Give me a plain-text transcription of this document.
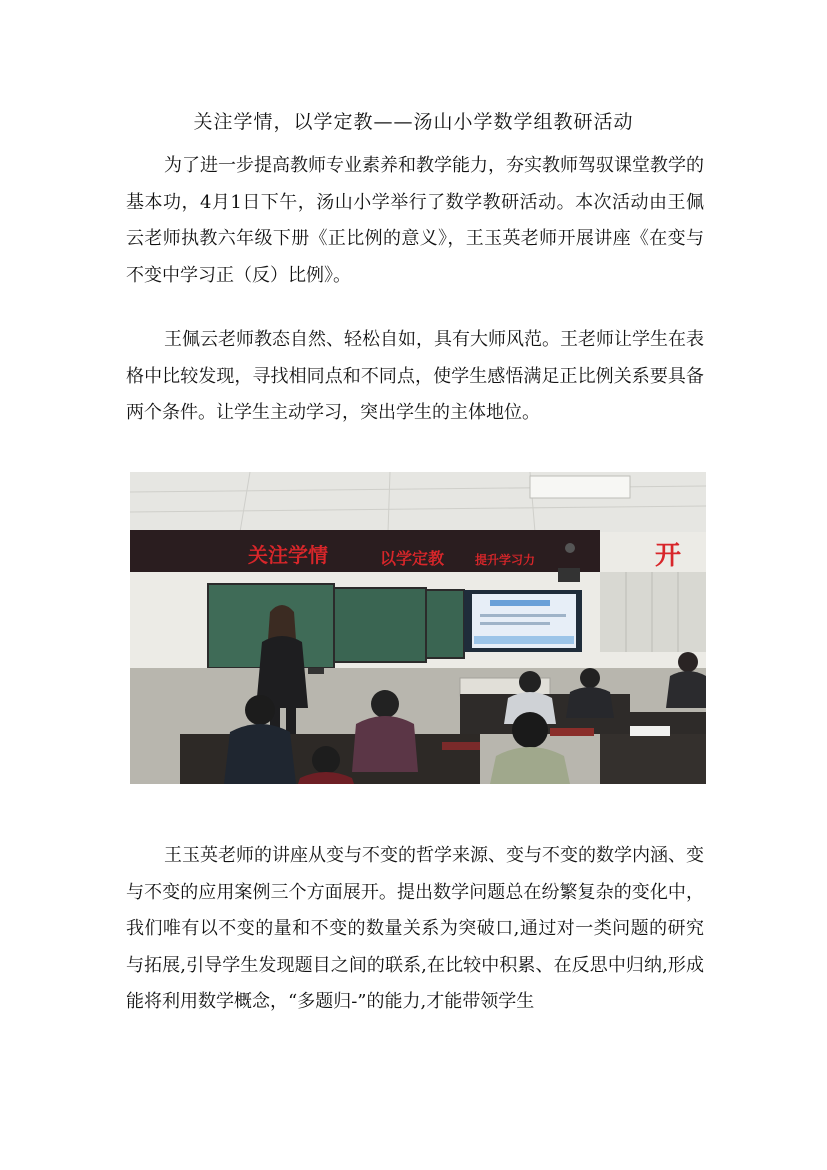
关注学情，以学定教——汤山小学数学组教研活动

为了进一步提高教师专业素养和教学能力，夯实教师驾驭课堂教学的基本功，4月1日下午，汤山小学举行了数学教研活动。本次活动由王佩云老师执教六年级下册《正比例的意义》，王玉英老师开展讲座《在变与不变中学习正（反）比例》。

王佩云老师教态自然、轻松自如，具有大师风范。王老师让学生在表格中比较发现，寻找相同点和不同点，使学生感悟满足正比例关系要具备两个条件。让学生主动学习，突出学生的主体地位。

关注学情	以学定教	提升学习力	开

王玉英老师的讲座从变与不变的哲学来源、变与不变的数学内涵、变与不变的应用案例三个方面展开。提出数学问题总在纷繁复杂的变化中，我们唯有以不变的量和不变的数量关系为突破口,通过对一类问题的研究与拓展,引导学生发现题目之间的联系,在比较中积累、在反思中归纳,形成能将利用数学概念，“多题归-”的能力,才能带领学生
